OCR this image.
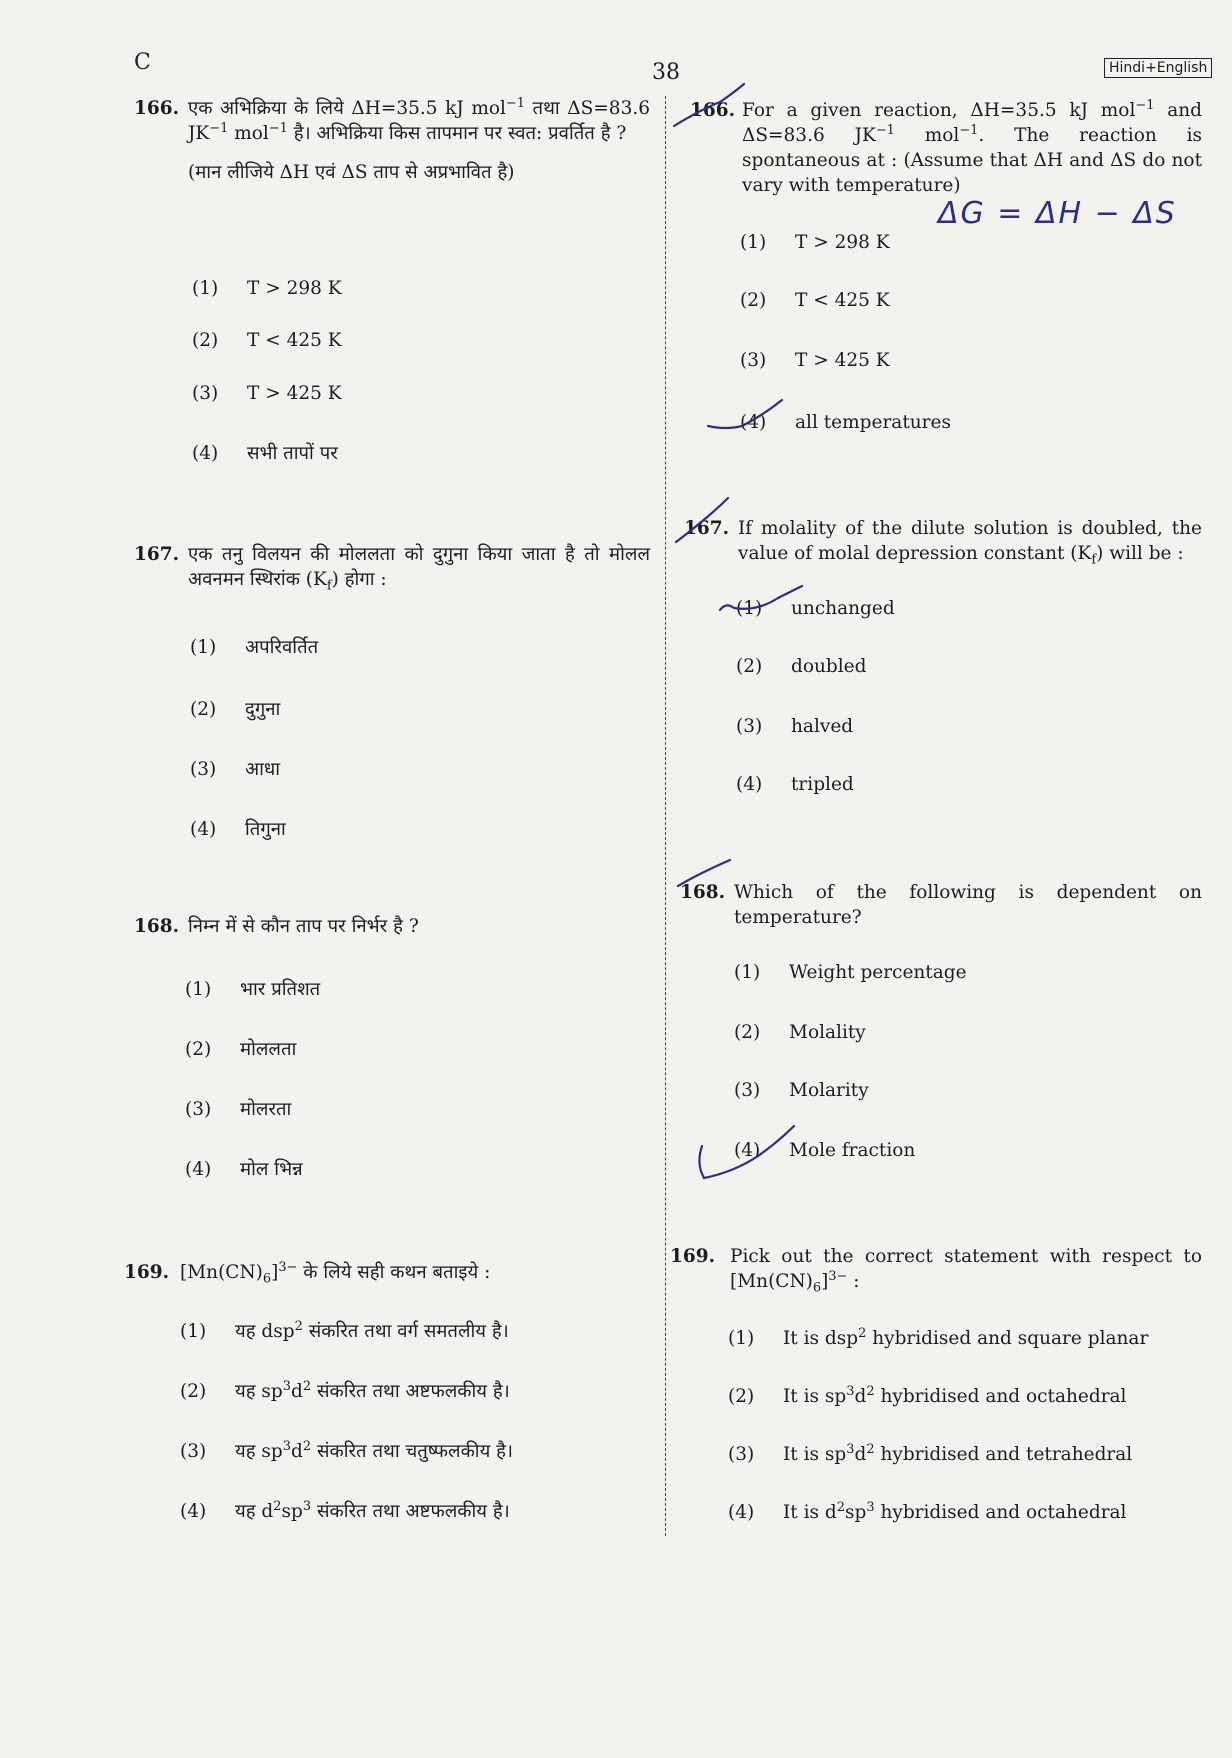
C	38	Hindi+English
166. एक अभिक्रिया के लिये ΔH=35.5 kJ mol$^{-1}$ तथा ΔS=83.6 $JK^{-1}$ mol$^{-1}$ है। अभिक्रिया किस तापमान पर स्वत: प्रवर्तित है ?
(मान लीजिये ΔH एवं ΔS ताप से अप्रभावित है)
(1) T > 298 K
(2) T < 425 K
(3) T > 425 K
(4) सभी तापों पर
167. एक तनु विलयन की मोललता को दुगुना किया जाता है तो मोलल अवनमन स्थिरांक $(K_f)$ होगा :
(1) अपरिवर्तित
(2) दुगुना
(3) आधा
(4) तिगुना
168. निम्न में से कौन ताप पर निर्भर है ?
(1) भार प्रतिशत
(2) मोललता
(3) मोलरता
(4) मोल भिन्न
169. $[Mn(CN)_6]^{3-}$ के लिये सही कथन बताइये :
(1) यह dsp$^2$ संकरित तथा वर्ग समतलीय है।
(2) यह $sp^3d^2$ संकरित तथा अष्टफलकीय है।
(3) यह $sp^3d^2$ संकरित तथा चतुष्फलकीय है।
(4) यह $d^2sp^3$ संकरित तथा अष्टफलकीय है।
166. For a given reaction, ΔH=35.5 kJ mol$^{-1}$ and ΔS=83.6 $JK^{-1}$ mol$^{-1}$. The reaction is spontaneous at : (Assume that ΔH and ΔS do not vary with temperature)
(1) T > 298 K
(2) T < 425 K
(3) T > 425 K
(4) all temperatures
167. If molality of the dilute solution is doubled, the value of molal depression constant $(K_f)$ will be :
(1) unchanged
(2) doubled
(3) halved
(4) tripled
168. Which of the following is dependent on temperature?
(1) Weight percentage
(2) Molality
(3) Molarity
(4) Mole fraction
169. Pick out the correct statement with respect to $[Mn(CN)_6]^{3-}$ :
(1) It is dsp$^2$ hybridised and square planar
(2) It is $sp^3d^2$ hybridised and octahedral
(3) It is $sp^3d^2$ hybridised and tetrahedral
(4) It is $d^2sp^3$ hybridised and octahedral
ΔG = ΔH − ΔS
